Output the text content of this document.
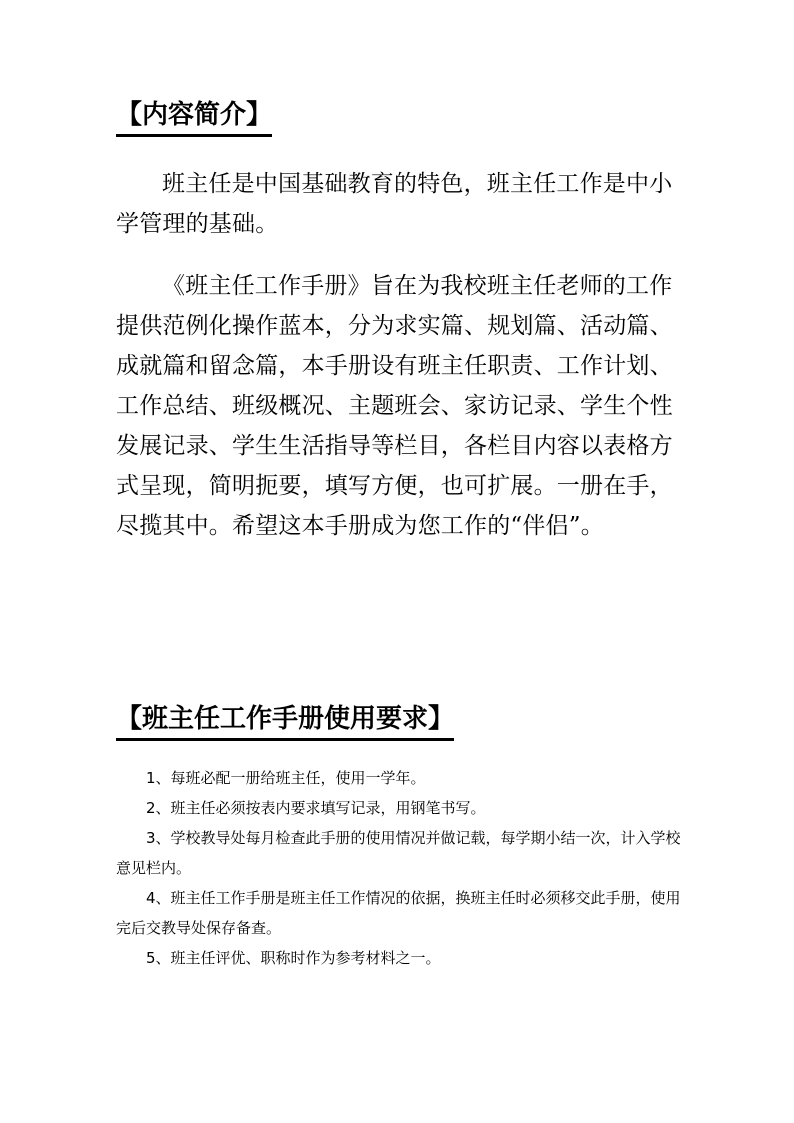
【内容简介】

班主任是中国基础教育的特色，班主任工作是中小学管理的基础。

《班主任工作手册》旨在为我校班主任老师的工作提供范例化操作蓝本，分为求实篇、规划篇、活动篇、成就篇和留念篇，本手册设有班主任职责、工作计划、工作总结、班级概况、主题班会、家访记录、学生个性发展记录、学生生活指导等栏目，各栏目内容以表格方式呈现，简明扼要，填写方便，也可扩展。一册在手，尽揽其中。希望这本手册成为您工作的“伴侣”。

【班主任工作手册使用要求】

1、每班必配一册给班主任，使用一学年。

2、班主任必须按表内要求填写记录，用钢笔书写。

3、学校教导处每月检查此手册的使用情况并做记载，每学期小结一次，计入学校意见栏内。

4、班主任工作手册是班主任工作情况的依据，换班主任时必须移交此手册，使用完后交教导处保存备查。

5、班主任评优、职称时作为参考材料之一。
